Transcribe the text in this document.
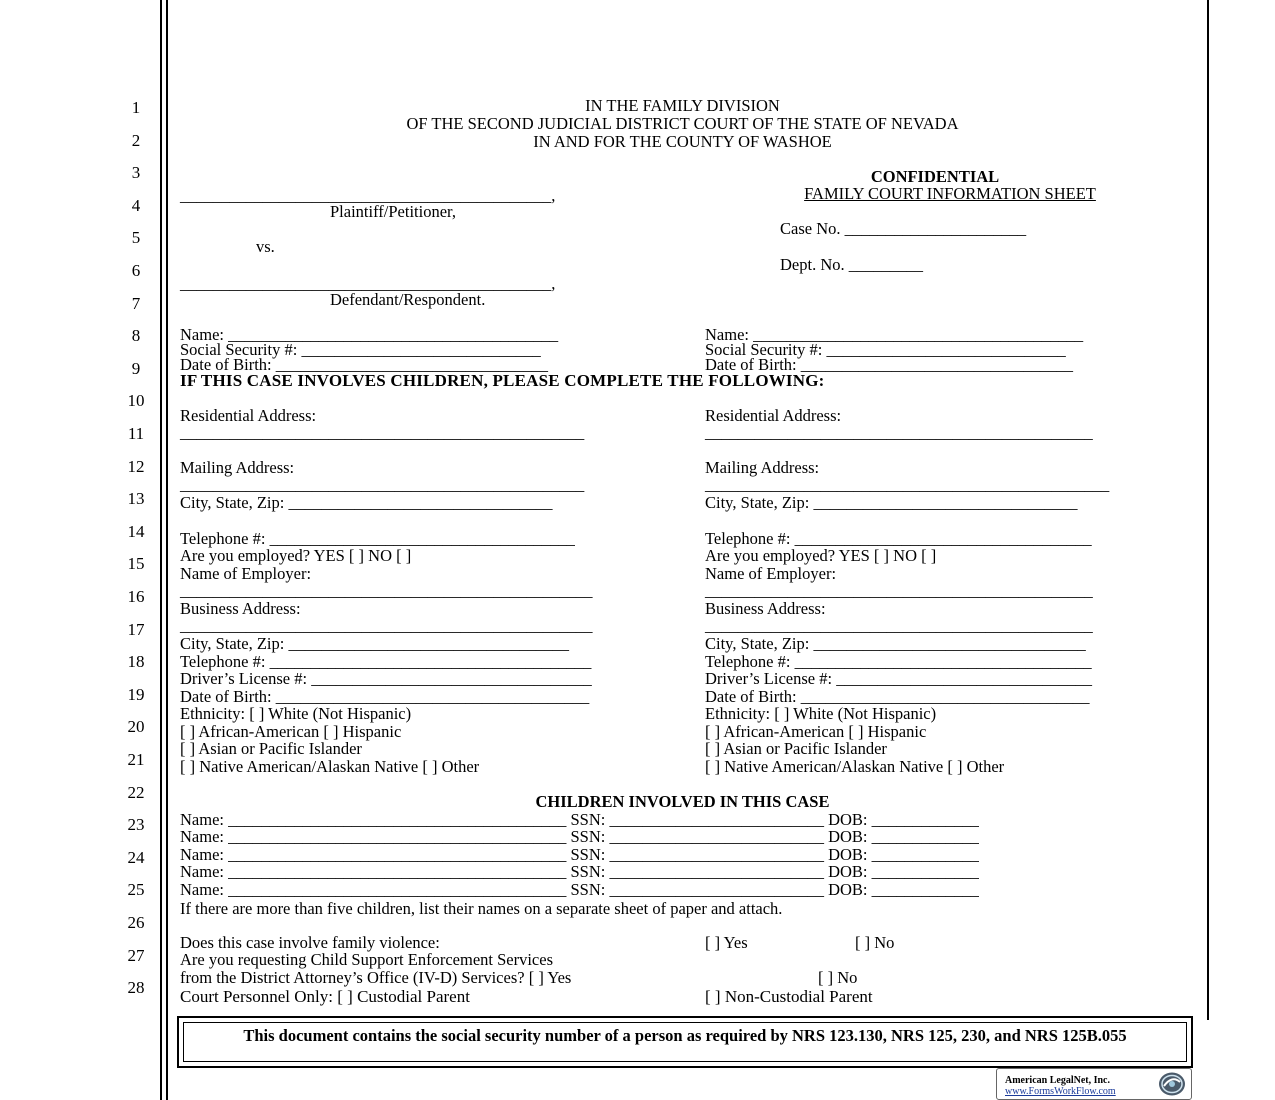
1
2
3
4
5
6
7
8
9
10
11
12
13
14
15
16
17
18
19
20
21
22
23
24
25
26
27
28
IN THE FAMILY DIVISION
OF THE SECOND JUDICIAL DISTRICT COURT OF THE STATE OF NEVADA
IN AND FOR THE COUNTY OF WASHOE
CONFIDENTIAL
FAMILY COURT INFORMATION SHEET
_____________________________________________,
Plaintiff/Petitioner,
Case No. ______________________
vs.
Dept. No. _________
_____________________________________________,
Defendant/Respondent.
Name: ________________________________________
Social Security #: _____________________________
Date of Birth: _________________________________
Name: ________________________________________
Social Security #: _____________________________
Date of Birth: _________________________________
IF THIS CASE INVOLVES CHILDREN, PLEASE COMPLETE THE FOLLOWING:
Residential Address:
_________________________________________________
Mailing Address:
_________________________________________________
City, State, Zip: ________________________________
Telephone #: _____________________________________
Are you employed? YES [ ] NO [ ]
Name of Employer:
__________________________________________________
Business Address:
__________________________________________________
City, State, Zip: __________________________________
Telephone #: _______________________________________
Driver’s License #: __________________________________
Date of Birth: ______________________________________
Ethnicity: [ ] White (Not Hispanic)
[ ] African-American [ ] Hispanic
[ ] Asian or Pacific Islander
[ ] Native American/Alaskan Native [ ] Other
Residential Address:
_______________________________________________
Mailing Address:
_________________________________________________
City, State, Zip: ________________________________
Telephone #: ____________________________________
Are you employed? YES [ ] NO [ ]
Name of Employer:
_______________________________________________
Business Address:
_______________________________________________
City, State, Zip: _________________________________
Telephone #: ____________________________________
Driver’s License #: _______________________________
Date of Birth: ___________________________________
Ethnicity: [ ] White (Not Hispanic)
[ ] African-American [ ] Hispanic
[ ] Asian or Pacific Islander
[ ] Native American/Alaskan Native [ ] Other
CHILDREN INVOLVED IN THIS CASE
Name: _________________________________________ SSN: __________________________ DOB: _____________
Name: _________________________________________ SSN: __________________________ DOB: _____________
Name: _________________________________________ SSN: __________________________ DOB: _____________
Name: _________________________________________ SSN: __________________________ DOB: _____________
Name: _________________________________________ SSN: __________________________ DOB: _____________
If there are more than five children, list their names on a separate sheet of paper and attach.
Does this case involve family violence:	[ ] Yes	[ ] No
Are you requesting Child Support Enforcement Services
from the District Attorney’s Office (IV-D) Services? [ ] Yes	[ ] No
Court Personnel Only: [ ] Custodial Parent	[ ] Non-Custodial Parent
This document contains the social security number of a person as required by NRS 123.130, NRS 125, 230, and NRS 125B.055
American LegalNet, Inc.
www.FormsWorkFlow.com
